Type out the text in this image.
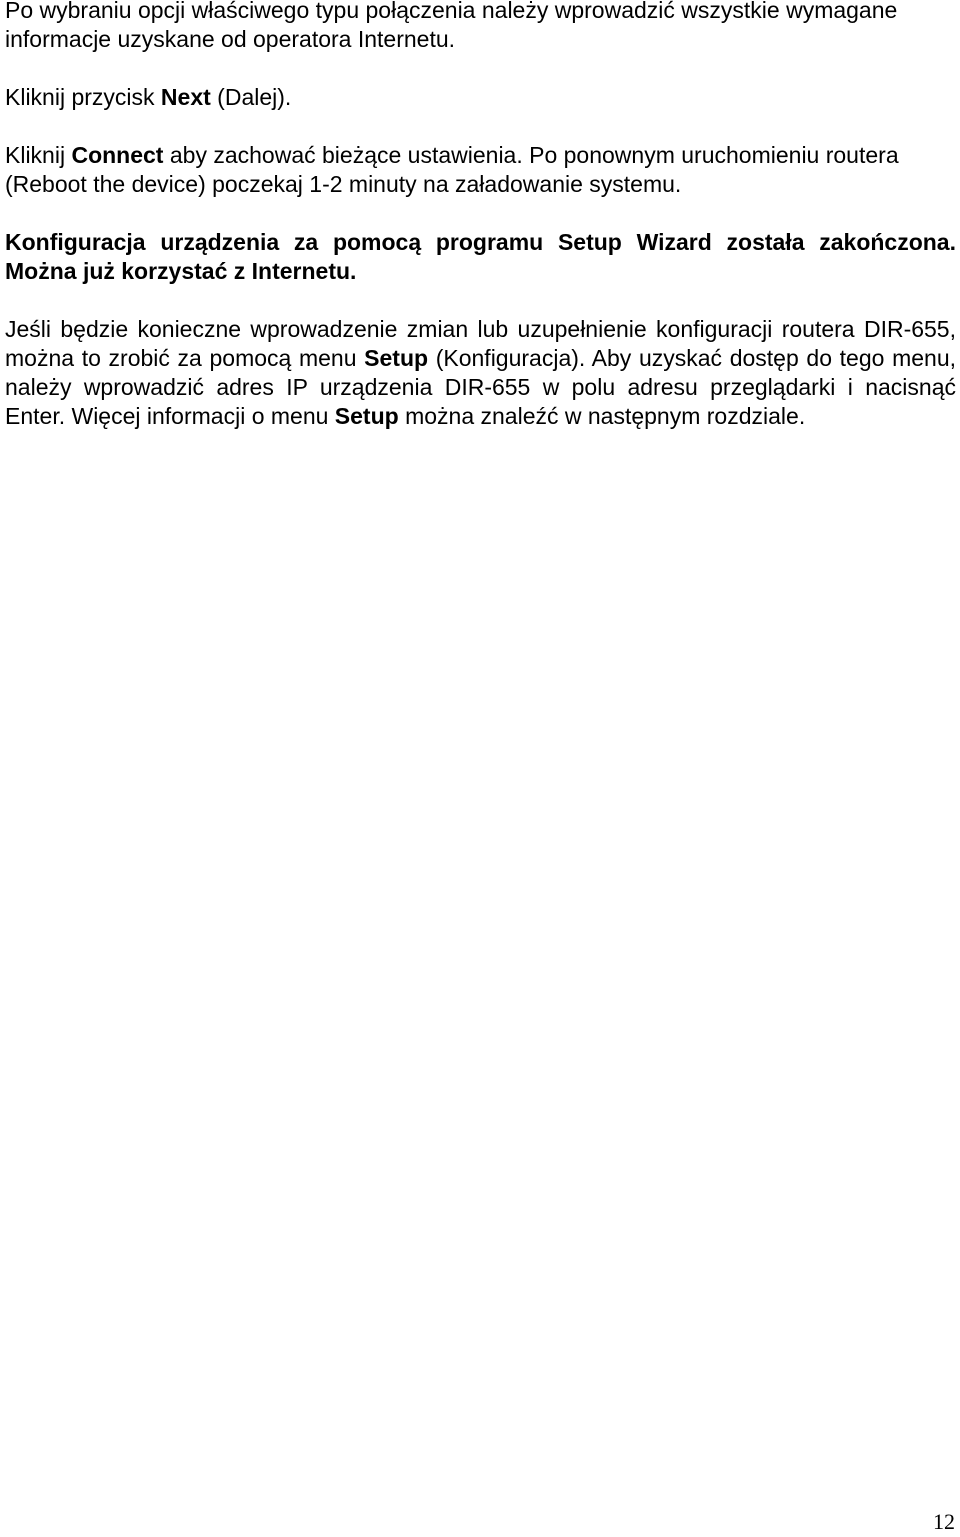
Po wybraniu opcji właściwego typu połączenia należy wprowadzić wszystkie wymagane informacje uzyskane od operatora Internetu.

Kliknij przycisk Next (Dalej).

Kliknij Connect aby zachować bieżące ustawienia. Po ponownym uruchomieniu routera (Reboot the device) poczekaj 1-2 minuty na załadowanie systemu.

Konfiguracja urządzenia za pomocą programu Setup Wizard została zakończona. Można już korzystać z Internetu.

Jeśli będzie konieczne wprowadzenie zmian lub uzupełnienie konfiguracji routera DIR-655, można to zrobić za pomocą menu Setup (Konfiguracja). Aby uzyskać dostęp do tego menu, należy wprowadzić adres IP urządzenia DIR-655 w polu adresu przeglądarki i nacisnąć Enter. Więcej informacji o menu Setup można znaleźć w następnym rozdziale.

12
